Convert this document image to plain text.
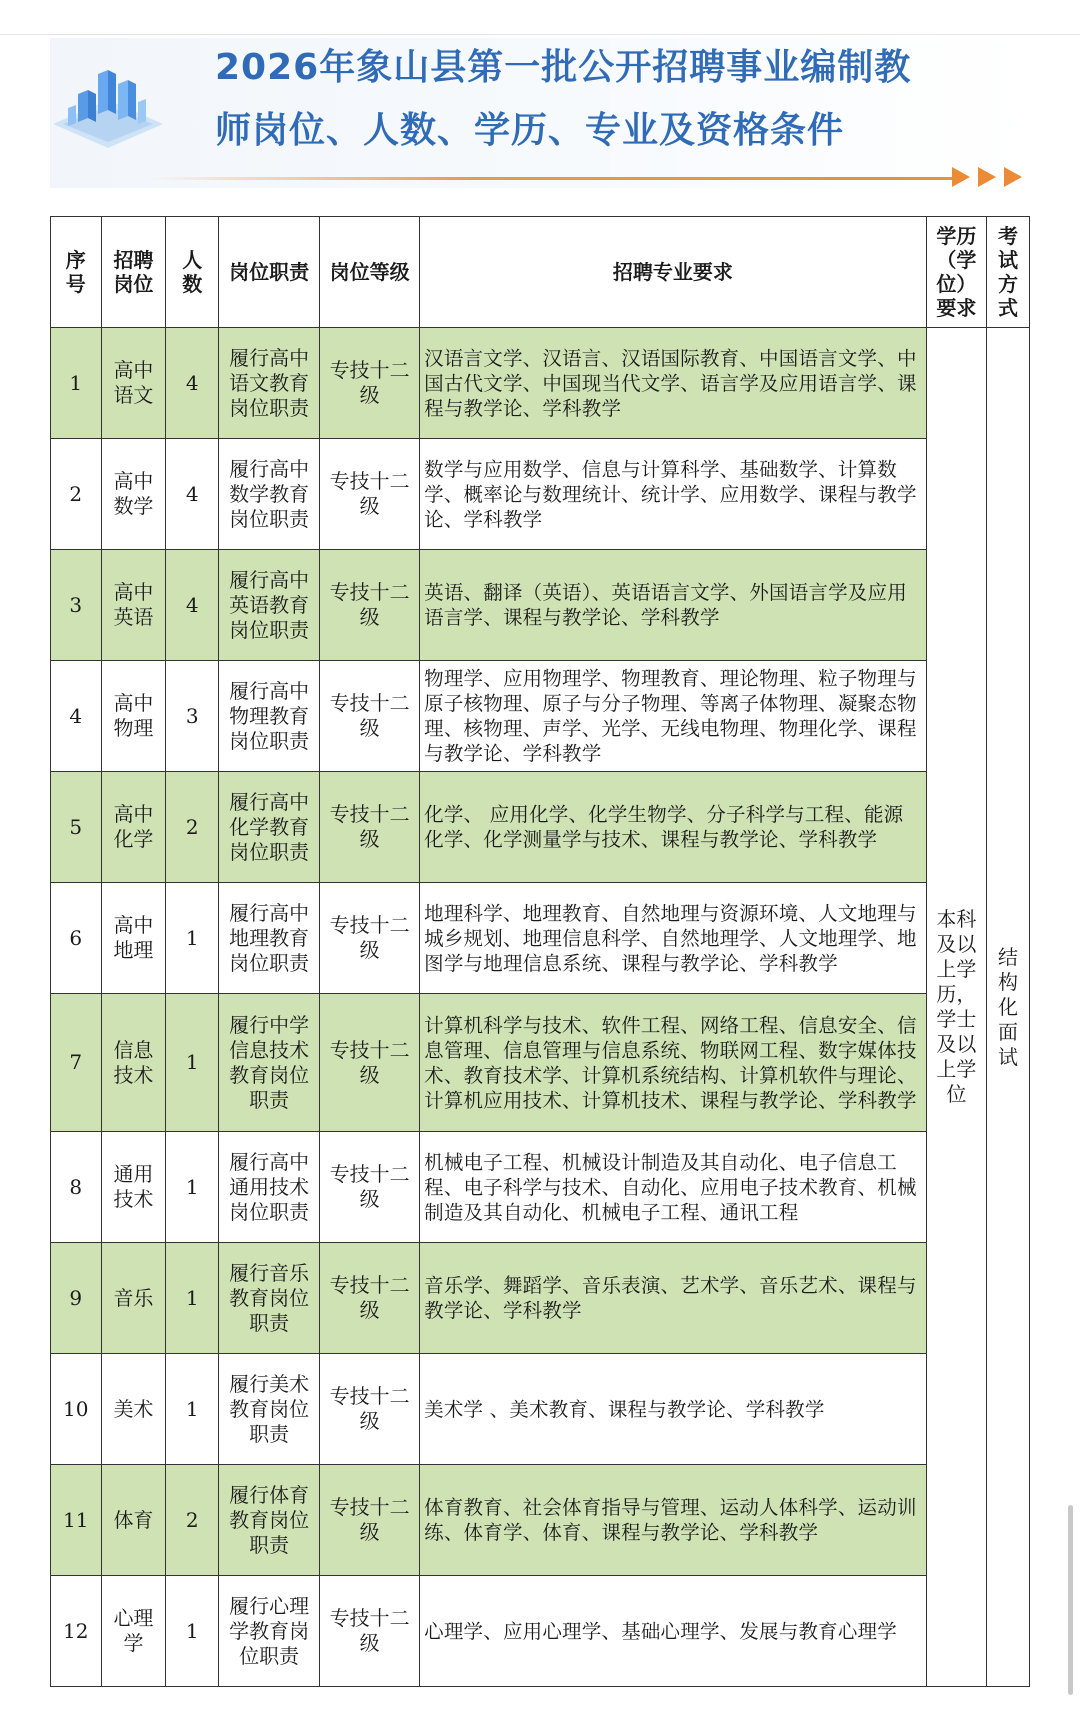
2026年象山县第一批公开招聘事业编制教
师岗位、人数、学历、专业及资格条件
序号	招聘岗位	人数	岗位职责	岗位等级	招聘专业要求	学历（学位）要求	考试方式
1	高中语文	4	履行高中语文教育岗位职责	专技十二级	汉语言文学、汉语言、汉语国际教育、中国语言文学、中国古代文学、中国现当代文学、语言学及应用语言学、课程与教学论、学科教学	本科及以上学历，学士及以上学位	结构化面试
2	高中数学	4	履行高中数学教育岗位职责	专技十二级	数学与应用数学、信息与计算科学、基础数学、计算数学、概率论与数理统计、统计学、应用数学、课程与教学论、学科教学		
3	高中英语	4	履行高中英语教育岗位职责	专技十二级	英语、翻译（英语）、英语语言文学、外国语言学及应用语言学、课程与教学论、学科教学		
4	高中物理	3	履行高中物理教育岗位职责	专技十二级	物理学、应用物理学、物理教育、理论物理、粒子物理与原子核物理、原子与分子物理、等离子体物理、凝聚态物理、核物理、声学、光学、无线电物理、物理化学、课程与教学论、学科教学		
5	高中化学	2	履行高中化学教育岗位职责	专技十二级	化学、 应用化学、化学生物学、分子科学与工程、能源化学、化学测量学与技术、课程与教学论、学科教学		
6	高中地理	1	履行高中地理教育岗位职责	专技十二级	地理科学、地理教育、自然地理与资源环境、人文地理与城乡规划、地理信息科学、自然地理学、人文地理学、地图学与地理信息系统、课程与教学论、学科教学		
7	信息技术	1	履行中学信息技术教育岗位职责	专技十二级	计算机科学与技术、软件工程、网络工程、信息安全、信息管理、信息管理与信息系统、物联网工程、数字媒体技术、教育技术学、计算机系统结构、计算机软件与理论、计算机应用技术、计算机技术、课程与教学论、学科教学		
8	通用技术	1	履行高中通用技术岗位职责	专技十二级	机械电子工程、机械设计制造及其自动化、电子信息工程、电子科学与技术、自动化、应用电子技术教育、机械制造及其自动化、机械电子工程、通讯工程		
9	音乐	1	履行音乐教育岗位职责	专技十二级	音乐学、舞蹈学、音乐表演、艺术学、音乐艺术、课程与教学论、学科教学		
10	美术	1	履行美术教育岗位职责	专技十二级	美术学 、美术教育、课程与教学论、学科教学		
11	体育	2	履行体育教育岗位职责	专技十二级	体育教育、社会体育指导与管理、运动人体科学、运动训练、体育学、体育、课程与教学论、学科教学		
12	心理学	1	履行心理学教育岗位职责	专技十二级	心理学、应用心理学、基础心理学、发展与教育心理学		
